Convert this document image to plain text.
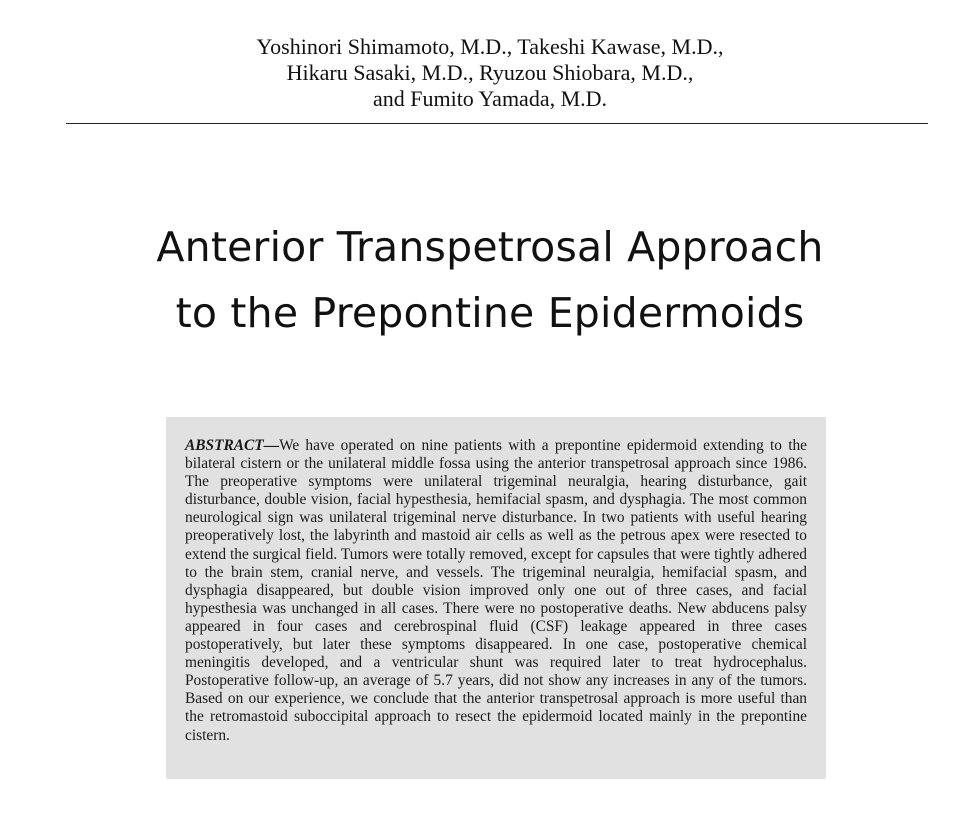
Yoshinori Shimamoto, M.D., Takeshi Kawase, M.D.,
Hikaru Sasaki, M.D., Ryuzou Shiobara, M.D.,
and Fumito Yamada, M.D.
Anterior Transpetrosal Approach
to the Prepontine Epidermoids

ABSTRACT—We have operated on nine patients with a prepontine epidermoid extending to the bilateral cistern or the unilateral middle fossa using the anterior transpetrosal approach since 1986. The preoperative symptoms were unilateral trigeminal neuralgia, hearing disturbance, gait disturbance, double vision, facial hypesthesia, hemifacial spasm, and dysphagia. The most common neurological sign was unilateral trigeminal nerve disturbance. In two patients with useful hearing preoperatively lost, the labyrinth and mastoid air cells as well as the petrous apex were resected to extend the surgical field. Tumors were totally removed, except for capsules that were tightly adhered to the brain stem, cranial nerve, and vessels. The trigeminal neuralgia, hemifacial spasm, and dysphagia disappeared, but double vision improved only one out of three cases, and facial hypesthesia was unchanged in all cases. There were no postoperative deaths. New abducens palsy appeared in four cases and cerebrospinal fluid (CSF) leakage appeared in three cases postoperatively, but later these symptoms disappeared. In one case, postoperative chemical meningitis developed, and a ventricular shunt was required later to treat hydrocephalus. Postoperative follow-up, an average of 5.7 years, did not show any increases in any of the tumors. Based on our experience, we conclude that the anterior transpetrosal approach is more useful than the retromastoid suboccipital approach to resect the epidermoid located mainly in the prepontine cistern.
